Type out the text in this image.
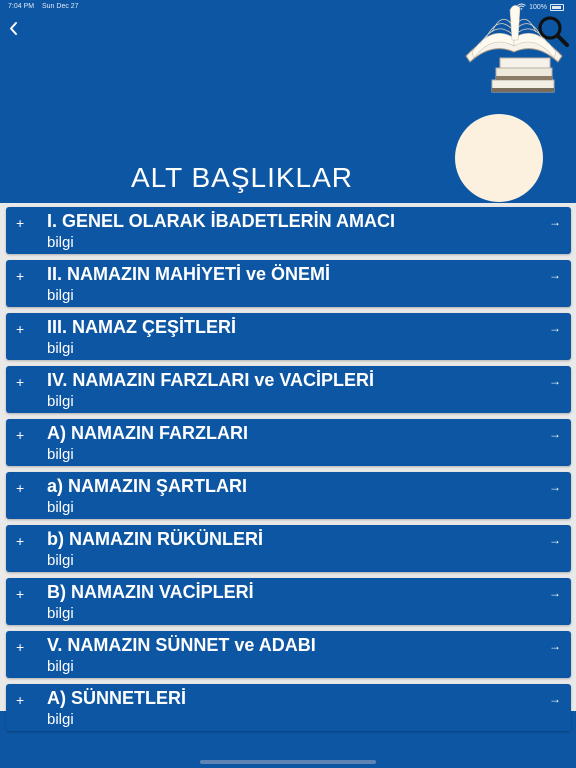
7:04 PM Sun Dec 27	100%
ALT BAŞLIKLAR
+ I. GENEL OLARAK İBADETLERİN AMACI
bilgi
→
+ II. NAMAZIN MAHİYETİ ve ÖNEMİ
bilgi
→
+ III. NAMAZ ÇEŞİTLERİ
bilgi
→
+ IV. NAMAZIN FARZLARI ve VACİPLERİ
bilgi
→
+ A) NAMAZIN FARZLARI
bilgi
→
+ a) NAMAZIN ŞARTLARI
bilgi
→
+ b) NAMAZIN RÜKÜNLERİ
bilgi
→
+ B) NAMAZIN VACİPLERİ
bilgi
→
+ V. NAMAZIN SÜNNET ve ADABI
bilgi
→
+ A) SÜNNETLERİ
bilgi
→
